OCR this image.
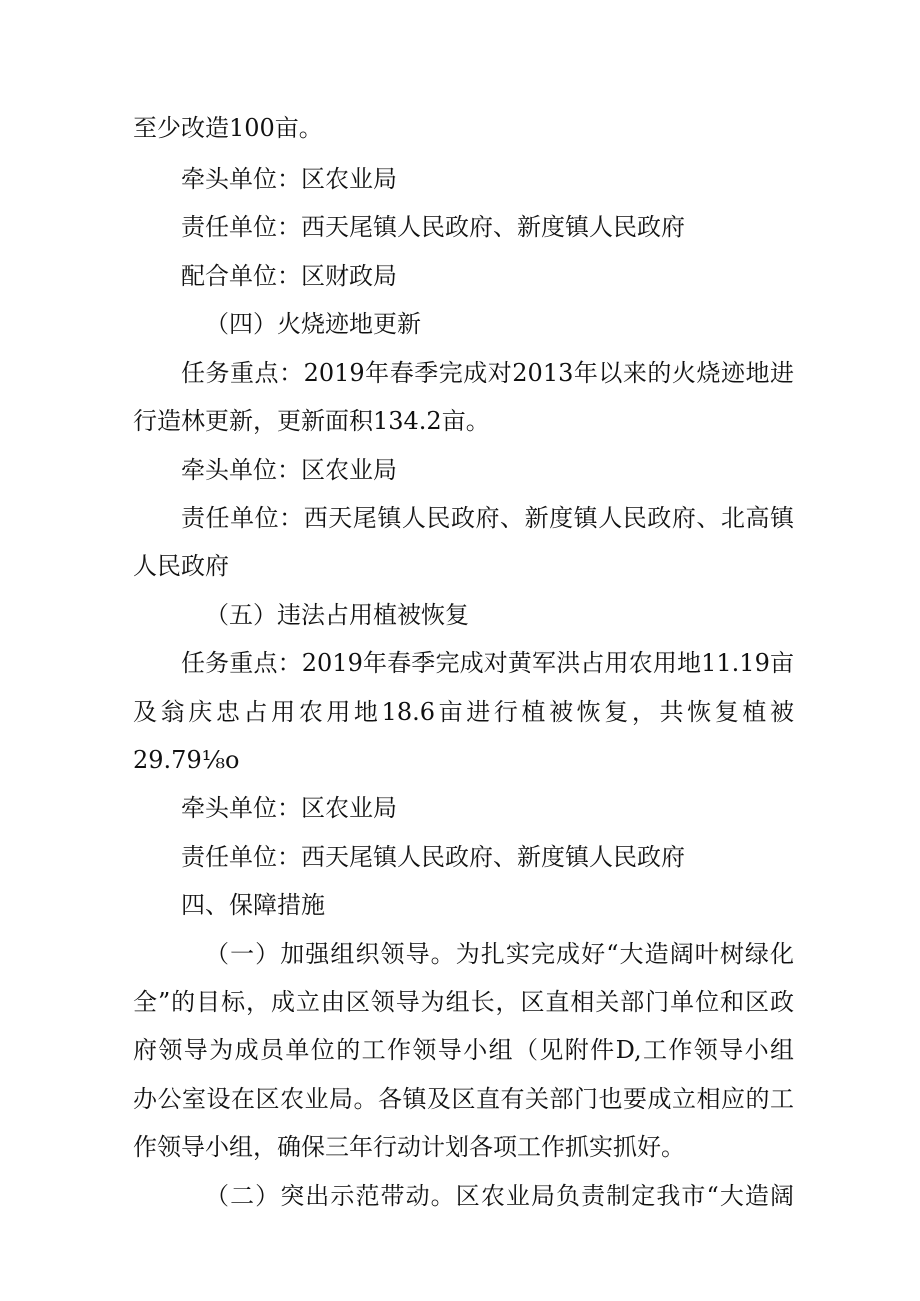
至少改造100亩。
牵头单位：区农业局
责任单位：西天尾镇人民政府、新度镇人民政府
配合单位：区财政局
（四）火烧迹地更新
任务重点：2019年春季完成对2013年以来的火烧迹地进
行造林更新，更新面积134.2亩。
牵头单位：区农业局
责任单位：西天尾镇人民政府、新度镇人民政府、北高镇
人民政府
（五）违法占用植被恢复
任务重点：2019年春季完成对黄军洪占用农用地11.19亩
及翁庆忠占用农用地18.6亩进行植被恢复，共恢复植被
29.79⅛o
牵头单位：区农业局
责任单位：西天尾镇人民政府、新度镇人民政府
四、保障措施
（一）加强组织领导。为扎实完成好“大造阔叶树绿化
全”的目标，成立由区领导为组长，区直相关部门单位和区政
府领导为成员单位的工作领导小组（见附件D,工作领导小组
办公室设在区农业局。各镇及区直有关部门也要成立相应的工
作领导小组，确保三年行动计划各项工作抓实抓好。
（二）突出示范带动。区农业局负责制定我市“大造阔
